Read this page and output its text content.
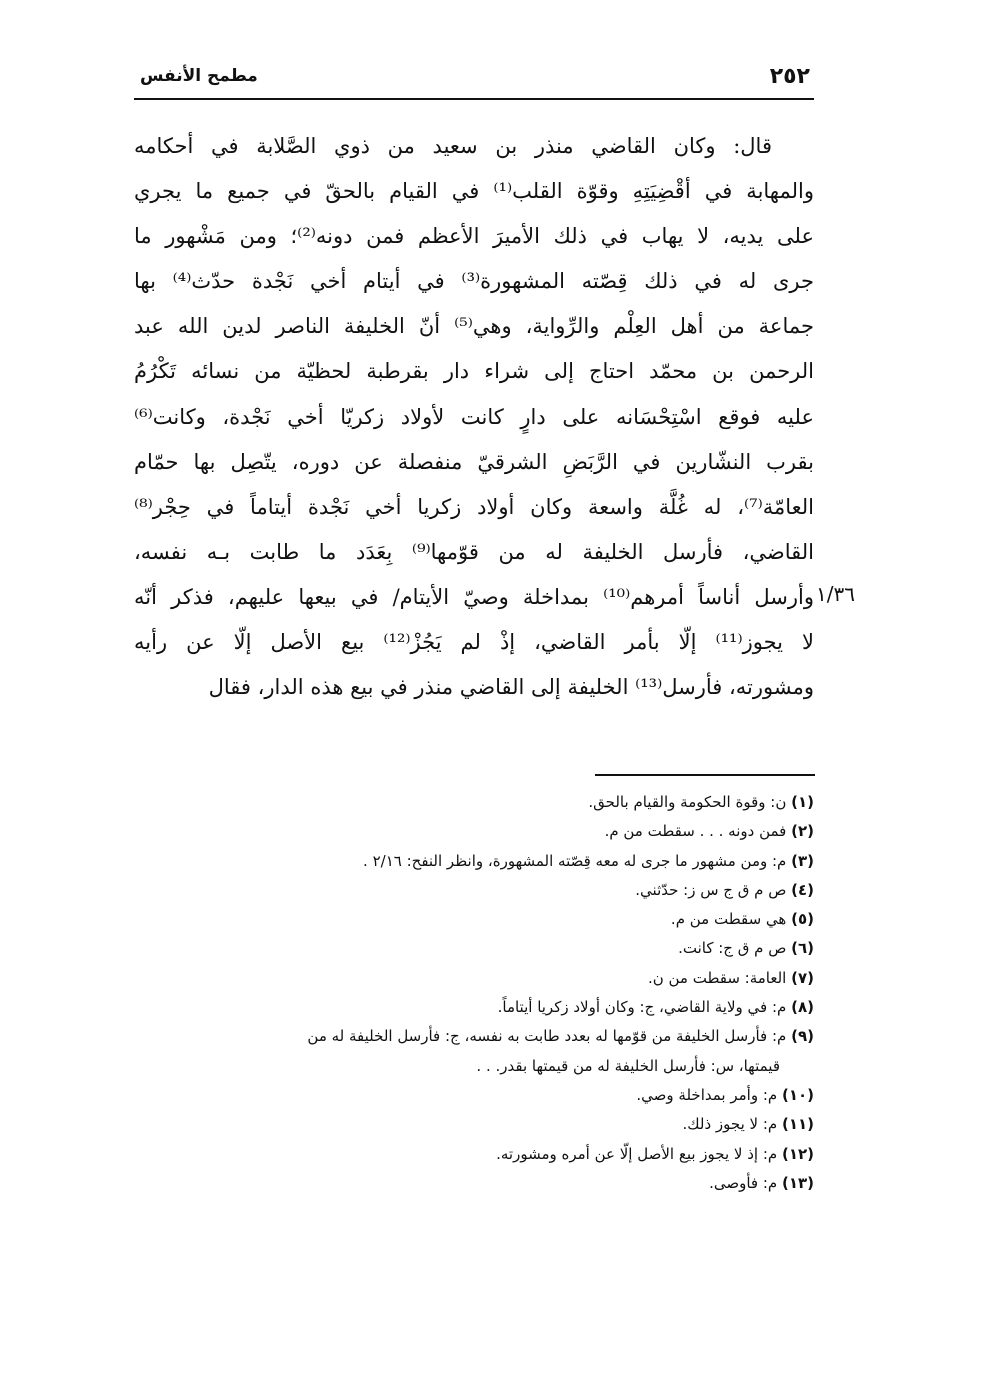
٢٥٢
مطمح الأنفس
قال: وكان القاضي منذر بن سعيد من ذوي الصَّلابة في أحكامه
والمهابة في أقْضِيَتِهِ وقوّة القلب⁽¹⁾ في القيام بالحقّ في جميع ما يجري
على يديه، لا يهاب في ذلك الأميرَ الأعظم فمن دونه⁽²⁾؛ ومن مَشْهور ما
جرى له في ذلك قِصّته المشهورة⁽³⁾ في أيتام أخي نَجْدة حدّث⁽⁴⁾ بها
جماعة من أهل العِلْم والرِّواية، وهي⁽⁵⁾ أنّ الخليفة الناصر لدين الله عبد
الرحمن بن محمّد احتاج إلى شراء دار بقرطبة لحظيّة من نسائه تَكْرُمُ
عليه فوقع اسْتِحْسَانه على دارٍ كانت لأولاد زكريّا أخي نَجْدة، وكانت⁽⁶⁾
بقرب النشّارين في الرَّبَضِ الشرقيّ منفصلة عن دوره، يتّصِل بها حمّام
العامّة⁽⁷⁾، له غُلَّة واسعة وكان أولاد زكريا أخي نَجْدة أيتاماً في حِجْر⁽⁸⁾
القاضي، فأرسل الخليفة له من قوّمها⁽⁹⁾ بِعَدَد ما طابت بـه نفسه،
وأرسل أناساً أمرهم⁽¹⁰⁾ بمداخلة وصيّ الأيتام/ في بيعها عليهم، فذكر أنّه
لا يجوز⁽¹¹⁾ إلّا بأمر القاضي، إذْ لم يَجُزْ⁽¹²⁾ بيع الأصل إلّا عن رأيه
ومشورته، فأرسل⁽¹³⁾ الخليفة إلى القاضي منذر في بيع هذه الدار، فقال
١/٣٦
(١) ن: وقوة الحكومة والقيام بالحق.
(٢) فمن دونه . . . سقطت من م.
(٣) م: ومن مشهور ما جرى له معه قِصّته المشهورة، وانظر النفح: ٢/١٦ .
(٤) ص م ق ج س ز: حدّثني.
(٥) هي سقطت من م.
(٦) ص م ق ج: كانت.
(٧) العامة: سقطت من ن.
(٨) م: في ولاية القاضي، ج: وكان أولاد زكريا أيتاماً.
(٩) م: فأرسل الخليفة من قوّمها له بعدد طابت به نفسه، ج: فأرسل الخليفة له من
قيمتها، س: فأرسل الخليفة له من قيمتها بقدر. . .
(١٠) م: وأمر بمداخلة وصي.
(١١) م: لا يجوز ذلك.
(١٢) م: إذ لا يجوز بيع الأصل إلّا عن أمره ومشورته.
(١٣) م: فأوصى.
